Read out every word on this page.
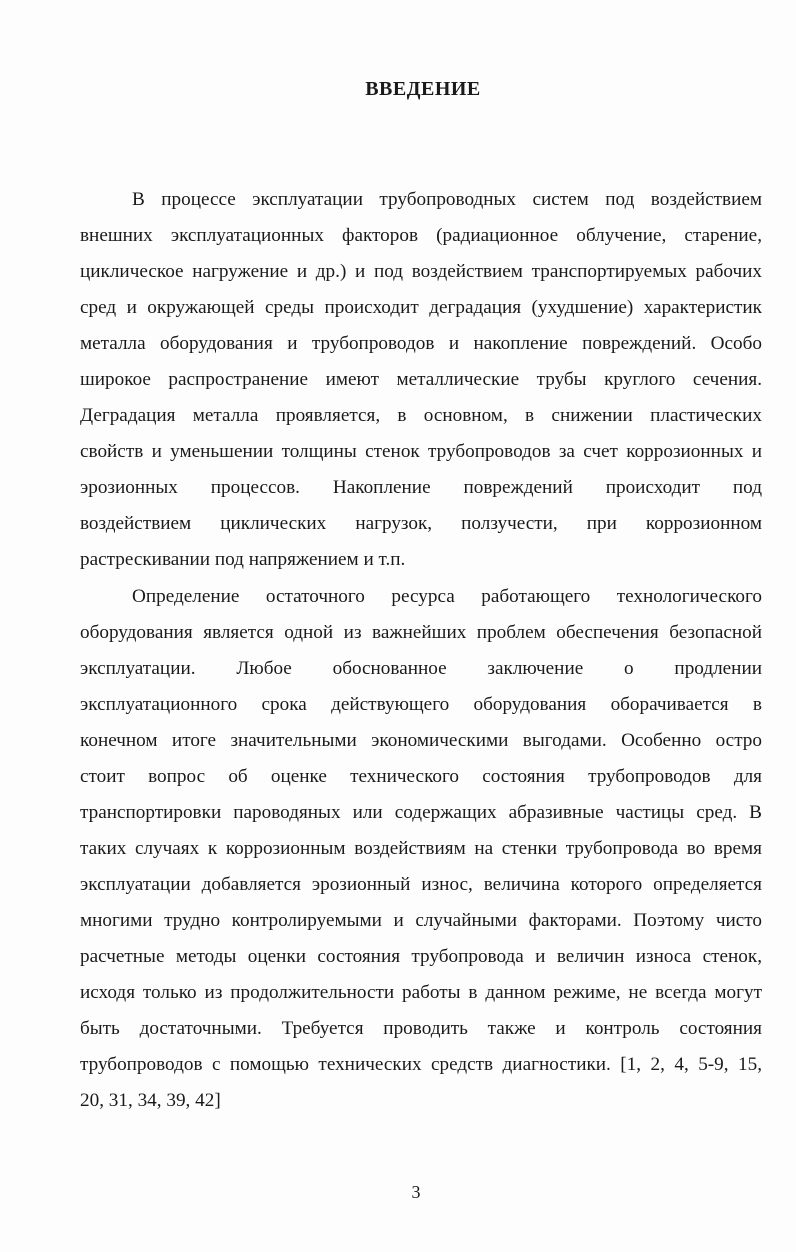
ВВЕДЕНИЕ
В процессе эксплуатации трубопроводных систем под воздействием
внешних эксплуатационных факторов (радиационное облучение, старение,
циклическое нагружение и др.) и под воздействием транспортируемых рабочих
сред и окружающей среды происходит деградация (ухудшение) характеристик
металла оборудования и трубопроводов и накопление повреждений. Особо
широкое распространение имеют металлические трубы круглого сечения.
Деградация металла проявляется, в основном, в снижении пластических
свойств и уменьшении толщины стенок трубопроводов за счет коррозионных и
эрозионных процессов. Накопление повреждений происходит под
воздействием циклических нагрузок, ползучести, при коррозионном
растрескивании под напряжением и т.п.
Определение остаточного ресурса работающего технологического
оборудования является одной из важнейших проблем обеспечения безопасной
эксплуатации. Любое обоснованное заключение о продлении
эксплуатационного срока действующего оборудования оборачивается в
конечном итоге значительными экономическими выгодами. Особенно остро
стоит вопрос об оценке технического состояния трубопроводов для
транспортировки пароводяных или содержащих абразивные частицы сред. В
таких случаях к коррозионным воздействиям на стенки трубопровода во время
эксплуатации добавляется эрозионный износ, величина которого определяется
многими трудно контролируемыми и случайными факторами. Поэтому чисто
расчетные методы оценки состояния трубопровода и величин износа стенок,
исходя только из продолжительности работы в данном режиме, не всегда могут
быть достаточными. Требуется проводить также и контроль состояния
трубопроводов с помощью технических средств диагностики. [1, 2, 4, 5-9, 15,
20, 31, 34, 39, 42]
3
